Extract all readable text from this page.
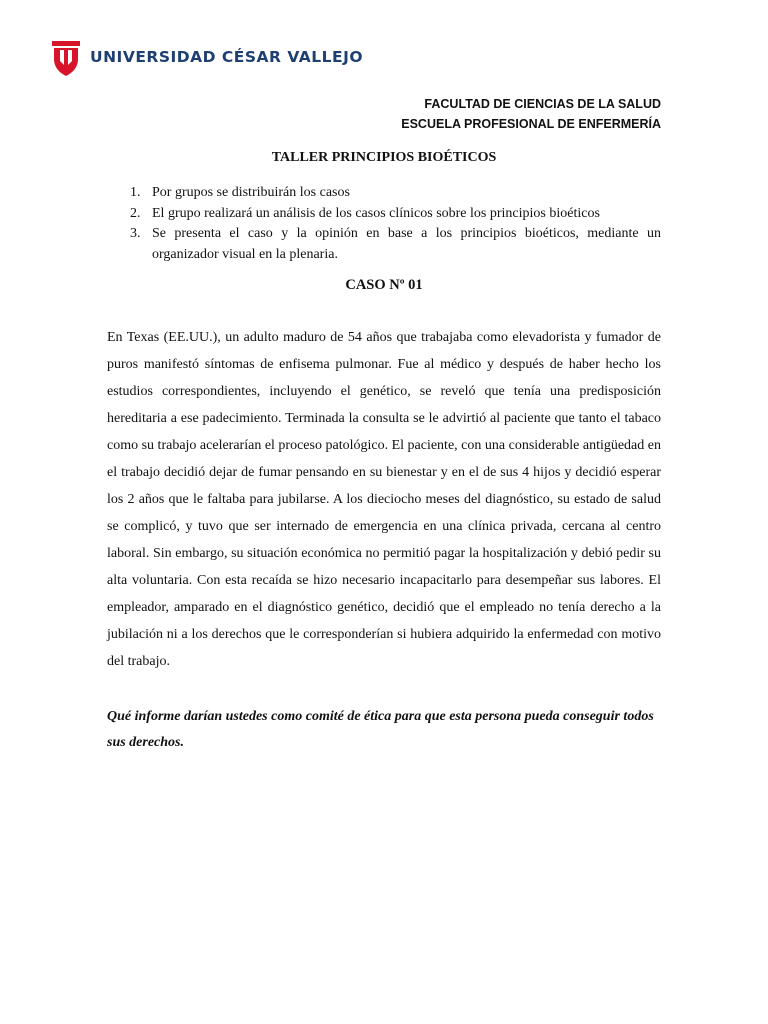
UNIVERSIDAD CÉSAR VALLEJO
FACULTAD DE CIENCIAS DE LA SALUD
ESCUELA PROFESIONAL DE ENFERMERÍA
TALLER PRINCIPIOS BIOÉTICOS
1. Por grupos se distribuirán los casos
2. El grupo realizará un análisis de los casos clínicos sobre los principios bioéticos
3. Se presenta el caso y la opinión en base a los principios bioéticos, mediante un organizador visual en la plenaria.
CASO Nº 01
En Texas (EE.UU.), un adulto maduro de 54 años que trabajaba como elevadorista y fumador de puros manifestó síntomas de enfisema pulmonar. Fue al médico y después de haber hecho los estudios correspondientes, incluyendo el genético, se reveló que tenía una predisposición hereditaria a ese padecimiento. Terminada la consulta se le advirtió al paciente que tanto el tabaco como su trabajo acelerarían el proceso patológico. El paciente, con una considerable antigüedad en el trabajo decidió dejar de fumar pensando en su bienestar y en el de sus 4 hijos y decidió esperar los 2 años que le faltaba para jubilarse. A los dieciocho meses del diagnóstico, su estado de salud se complicó, y tuvo que ser internado de emergencia en una clínica privada, cercana al centro laboral. Sin embargo, su situación económica no permitió pagar la hospitalización y debió pedir su alta voluntaria. Con esta recaída se hizo necesario incapacitarlo para desempeñar sus labores. El empleador, amparado en el diagnóstico genético, decidió que el empleado no tenía derecho a la jubilación ni a los derechos que le corresponderían si hubiera adquirido la enfermedad con motivo del trabajo.
Qué informe darían ustedes como comité de ética para que esta persona pueda conseguir todos sus derechos.
